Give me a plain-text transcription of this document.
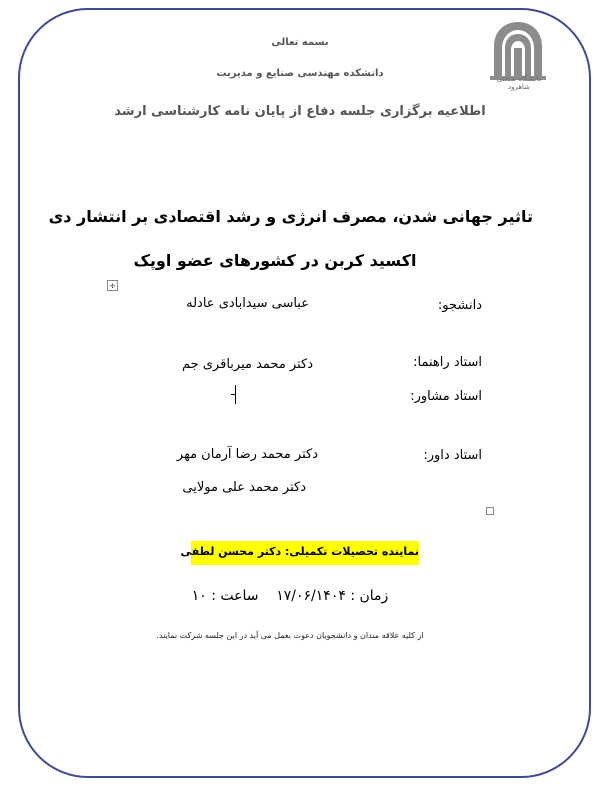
دانشگاه صنعتی شاهرود
بسمه تعالی
دانشکده مهندسی صنایع و مدیریت
اطلاعیه برگزاری جلسه دفاع از پایان نامه کارشناسی ارشد
تاثیر جهانی شدن، مصرف انرژی و رشد اقتصادی بر انتشار دی
اکسید کربن در کشورهای عضو اوپک
✣
دانشجو:
عباسی سیدابادی عادله
استاد راهنما:
دکتر محمد میرباقری جم
استاد مشاور:
استاد داور:
دکتر محمد رضا آرمان مهر
دکتر محمد علی مولایی
نماینده تحصیلات تکمیلی: دکتر محسن لطفی
زمان : ۱۷/۰۶/۱۴۰۴    ساعت : ۱۰
از کلیه علاقه مندان و دانشجویان دعوت بعمل می آید در این جلسه شرکت نمایند.
